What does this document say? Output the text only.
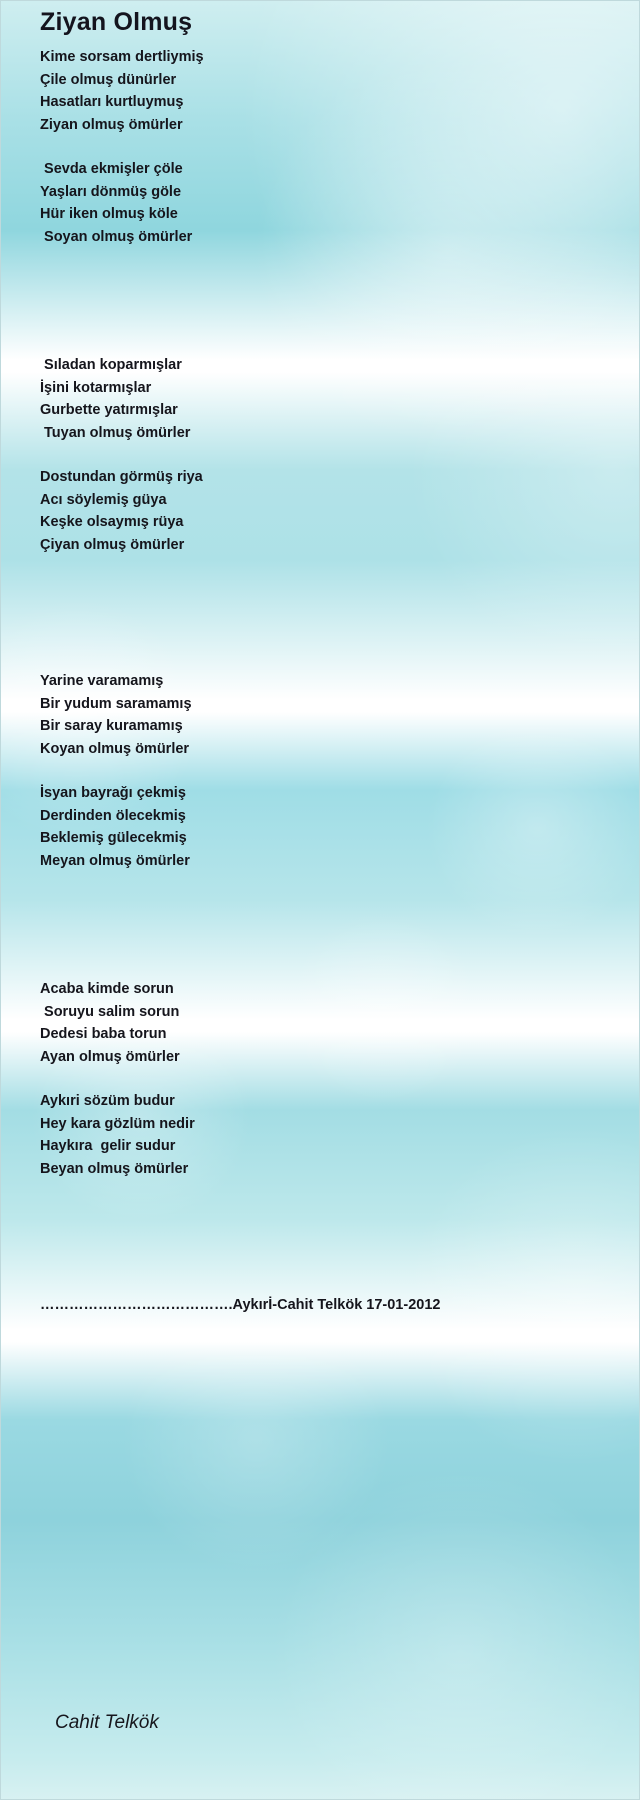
Ziyan Olmuş
Kime sorsam dertliymiş
Çile olmuş dünürler
Hasatları kurtluymuş
Ziyan olmuş ömürler
Sevda ekmişler çöle
Yaşları dönmüş göle
Hür iken olmuş köle
Soyan olmuş ömürler
Sıladan koparmışlar
İşini kotarmışlar
Gurbette yatırmışlar
Tuyan olmuş ömürler
Dostundan görmüş riya
Acı söylemiş güya
Keşke olsaymış rüya
Çiyan olmuş ömürler
Yarine varamamış
Bir yudum saramamış
Bir saray kuramamış
Koyan olmuş ömürler
İsyan bayrağı çekmiş
Derdinden ölecekmiş
Beklemiş gülecekmiş
Meyan olmuş ömürler
Acaba kimde sorun
Soruyu salim sorun
Dedesi baba torun
Ayan olmuş ömürler
Aykıri sözüm budur
Hey kara gözlüm nedir
Haykıra  gelir sudur
Beyan olmuş ömürler
………………………………….Aykırİ-Cahit Telkök 17-01-2012
Cahit Telkök
